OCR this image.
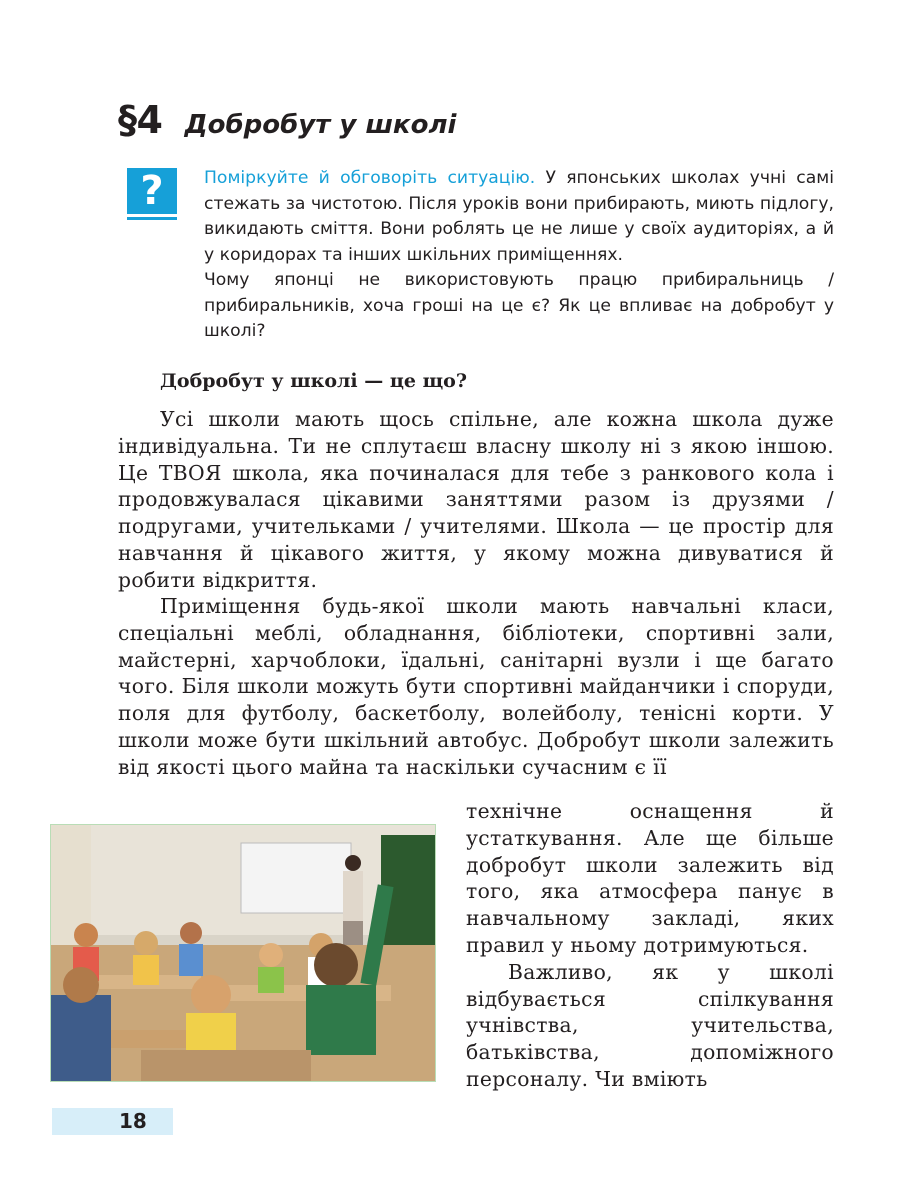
§4 Добробут у школі
?	Поміркуйте й обговоріть ситуацію. У японських школах учні самі стежать за чистотою. Після уроків вони прибирають, миють підлогу, викидають сміття. Вони роблять це не лише у своїх аудиторіях, а й у коридорах та інших шкільних приміщеннях.

Чому японці не використовують працю прибиральниць / прибиральників, хоча гроші на це є? Як це впливає на добробут у школі?

Добробут у школі — це що?

Усі школи мають щось спільне, але кожна школа дуже індивідуальна. Ти не сплутаєш власну школу ні з якою іншою. Це ТВОЯ школа, яка починалася для тебе з ранкового кола і продовжувалася цікавими заняттями разом із друзями / подругами, учительками / учителями. Школа — це простір для навчання й цікавого життя, у якому можна дивуватися й робити відкриття.

Приміщення будь-якої школи мають навчальні класи, спеціальні меблі, обладнання, бібліотеки, спортивні зали, майстерні, харчоблоки, їдальні, санітарні вузли і ще багато чого. Біля школи можуть бути спортивні майданчики і споруди, поля для футболу, баскетболу, волейболу, тенісні корти. У школи може бути шкільний автобус. Добробут школи залежить від якості цього майна та наскільки сучасним є її

технічне оснащення й устаткування. Але ще більше добробут школи залежить від того, яка атмосфера панує в навчальному закладі, яких правил у ньому дотримуються.

Важливо, як у школі відбувається спілкування учнівства, учительства, батьківства, допоміжного персоналу. Чи вміють

18
